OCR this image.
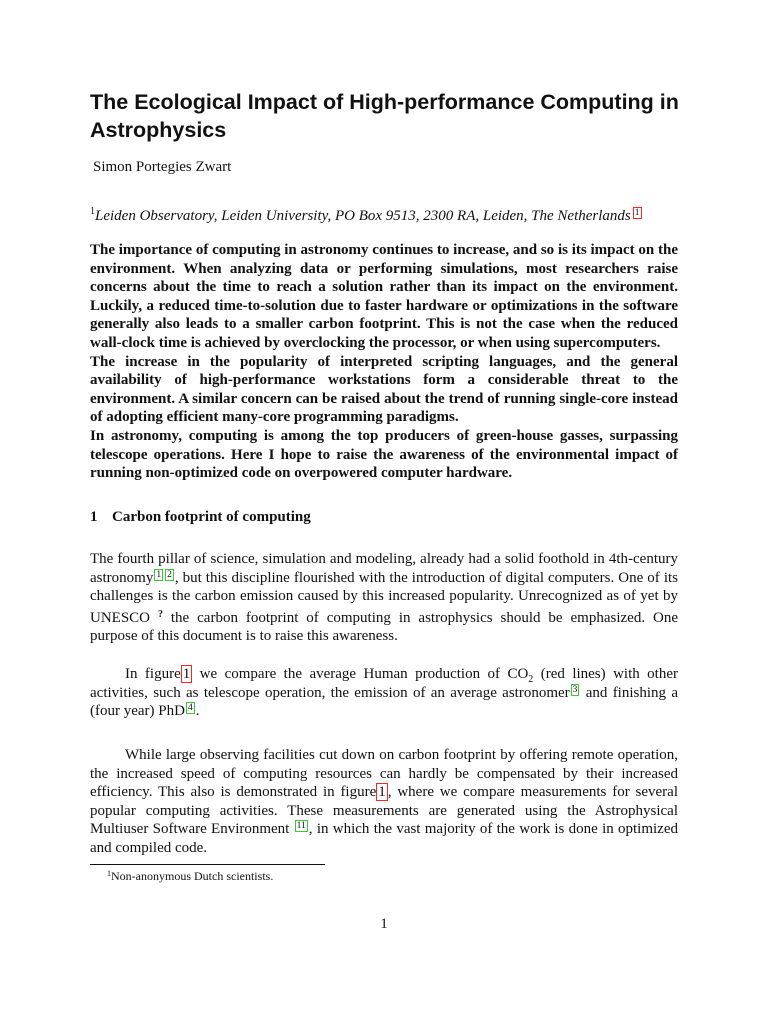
The Ecological Impact of High-performance Computing in Astrophysics
Simon Portegies Zwart
$^1$Leiden Observatory, Leiden University, PO Box 9513, 2300 RA, Leiden, The Netherlands 1

The importance of computing in astronomy continues to increase, and so is its impact on the environment. When analyzing data or performing simulations, most researchers raise concerns about the time to reach a solution rather than its impact on the environment. Luckily, a reduced time-to-solution due to faster hardware or optimizations in the software generally also leads to a smaller carbon footprint. This is not the case when the reduced wall-clock time is achieved by overclocking the processor, or when using supercomputers.

The increase in the popularity of interpreted scripting languages, and the general availability of high-performance workstations form a considerable threat to the environment. A similar concern can be raised about the trend of running single-core instead of adopting efficient many-core programming paradigms.

In astronomy, computing is among the top producers of green-house gasses, surpassing telescope operations. Here I hope to raise the awareness of the environmental impact of running non-optimized code on overpowered computer hardware.

1 Carbon footprint of computing

The fourth pillar of science, simulation and modeling, already had a solid foothold in 4th-century astronomy 1 2 , but this discipline flourished with the introduction of digital computers. One of its challenges is the carbon emission caused by this increased popularity. Unrecognized as of yet by UNESCO ? the carbon footprint of computing in astrophysics should be emphasized. One purpose of this document is to raise this awareness.

In figure 1 we compare the average Human production of $CO_2$ (red lines) with other activities, such as telescope operation, the emission of an average astronomer 3 and finishing a (four year) PhD 4 .

While large observing facilities cut down on carbon footprint by offering remote operation, the increased speed of computing resources can hardly be compensated by their increased efficiency. This also is demonstrated in figure 1 , where we compare measurements for several popular computing activities. These measurements are generated using the Astrophysical Multiuser Software Environment 11 , in which the vast majority of the work is done in optimized and compiled code.

$^1$Non-anonymous Dutch scientists.
1
